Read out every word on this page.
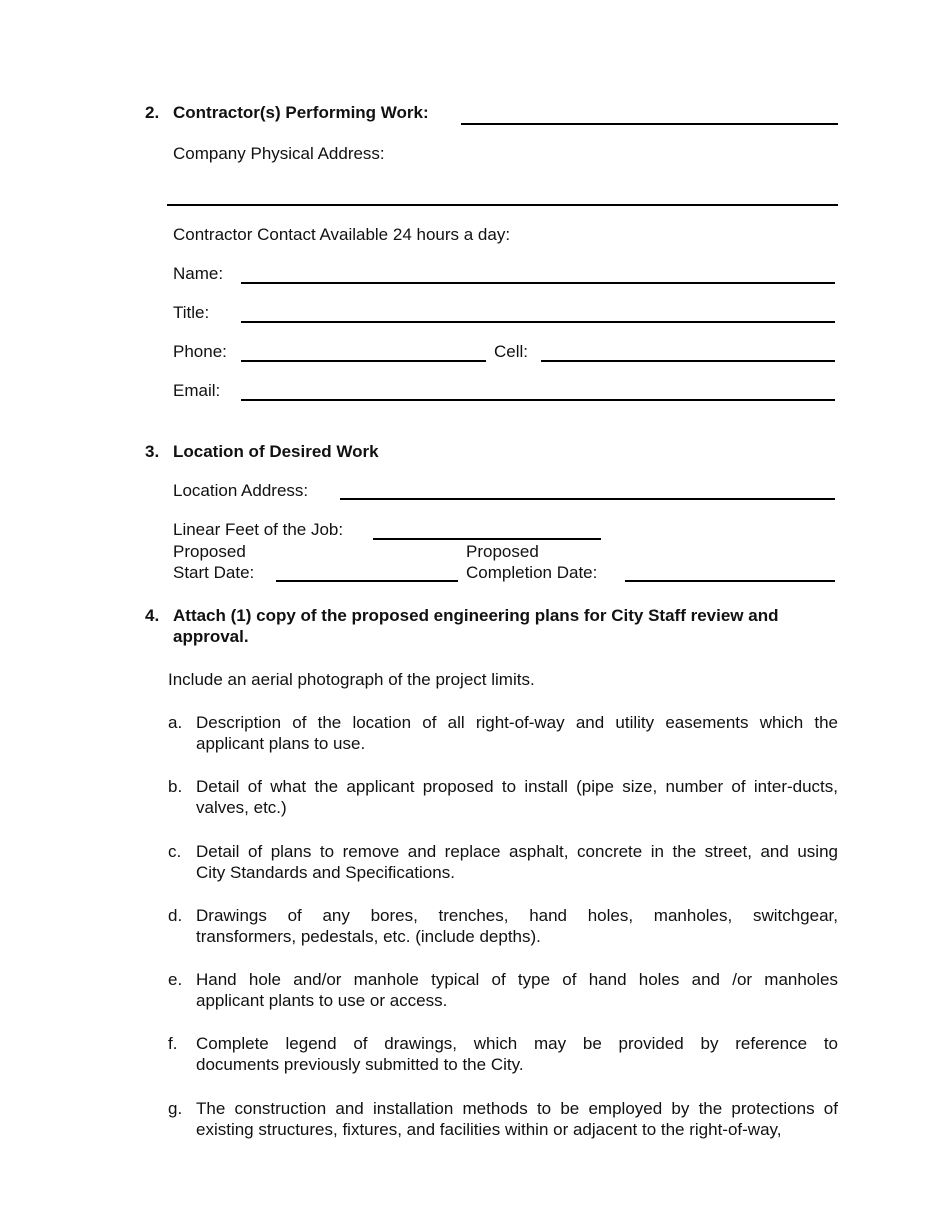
2. Contractor(s) Performing Work:
Company Physical Address:
Contractor Contact Available 24 hours a day:
Name:
Title:
Phone:	Cell:
Email:
3. Location of Desired Work
Location Address:
Linear Feet of the Job:
Proposed
Start Date:
Proposed
Completion Date:
4. Attach (1) copy of the proposed engineering plans for City Staff review and
approval.
Include an aerial photograph of the project limits.
a. Description of the location of all right-of-way and utility easements which the
applicant plans to use.
b. Detail of what the applicant proposed to install (pipe size, number of inter-ducts,
valves, etc.)
c. Detail of plans to remove and replace asphalt, concrete in the street, and using
City Standards and Specifications.
d. Drawings of any bores, trenches, hand holes, manholes, switchgear,
transformers, pedestals, etc. (include depths).
e. Hand hole and/or manhole typical of type of hand holes and /or manholes
applicant plants to use or access.
f. Complete legend of drawings, which may be provided by reference to
documents previously submitted to the City.
g. The construction and installation methods to be employed by the protections of
existing structures, fixtures, and facilities within or adjacent to the right-of-way,
